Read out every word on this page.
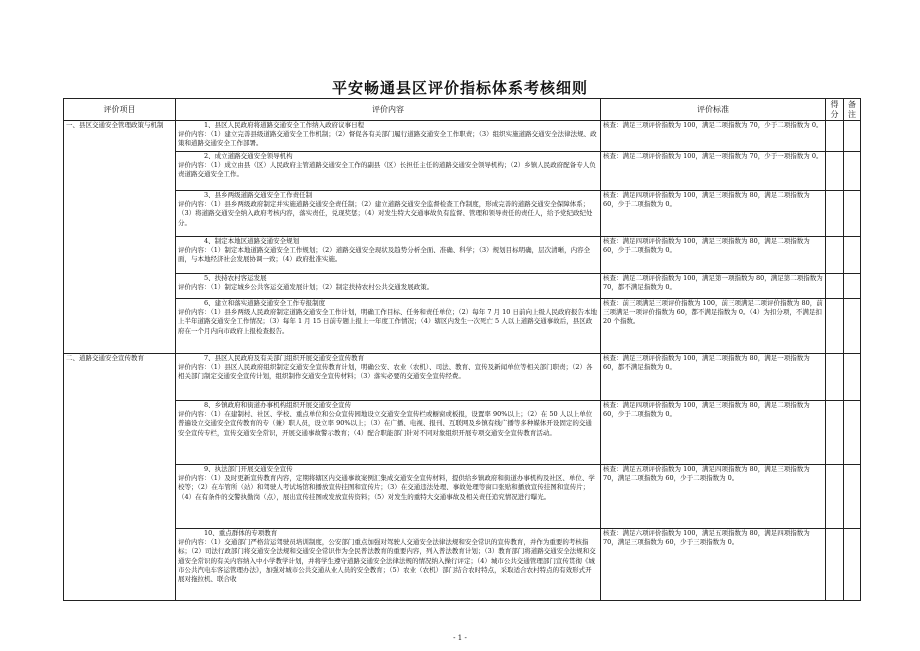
平安畅通县区评价指标体系考核细则
评价项目	评价内容	评价标准	得分	备注
一、县区交通安全管理政策与机制	1、县区人民政府将道路交通安全工作纳入政府议事日程
评价内容：（1）建立完善县级道路交通安全工作机制；（2）督促各有关部门履行道路交通安全工作职责；（3）组织实施道路交通安全法律法规、政策和道路交通安全工作部署。	核查：满足三项评价指数为 100，满足二项指数为 70，少于二项指数为 0。		

	2、成立道路交通安全领导机构
评价内容：（1）成立由县（区）人民政府主管道路交通安全工作的副县（区）长担任主任的道路交通安全领导机构；（2）乡镇人民政府配备专人负责道路交通安全工作。	核查：满足二项评价指数为 100，满足一项指数为 70，少于一项指数为 0。		

	3、县乡两级道路交通安全工作责任制
评价内容：（1）县乡两级政府制定并实施道路交通安全责任制；（2）建立道路交通安全监督检查工作制度，形成完善的道路交通安全保障体系；（3）将道路交通安全纳入政府考核内容，落实责任，兑现奖惩；（4）对发生特大交通事故负有监督、管理和领导责任的责任人，给予党纪政纪处分。	核查：满足四项评价指数为 100，满足三项指数为 80，满足二项指数为 60，少于二项指数为 0。		

	4、制定本地区道路交通安全规划
评价内容：（1）制定本地道路交通安全工作规划；（2）道路交通安全现状及趋势分析全面、准确、科学；（3）规划目标明确，层次清晰，内容全面，与本地经济社会发展协调一致；（4）政府批准实施。	核查：满足四项评价指数为 100，满足三项指数为 80，满足二项指数为 60，少于二项指数为 0。		

	5、扶持农村客运发展
评价内容：（1）制定城乡公共客运交通发展计划；（2）制定扶持农村公共交通发展政策。	核查：满足二项评价指数为 100，满足第一项指数为 80，满足第二项指数为 70，都不满足指数为 0。		

	6、建立和落实道路交通安全工作专报制度
评价内容：（1）县乡两级人民政府制定道路交通安全工作计划，明确工作目标、任务和责任单位；（2）每年 7 月 10 日前向上级人民政府报告本地上半年道路交通安全工作情况；（3）每年 1 月 15 日前专题上报上一年度工作情况；（4）辖区内发生一次死亡 5 人以上道路交通事故后，县区政府在一个月内向市政府上报检查报告。	核查：前三项满足三项评价指数为 100，前三项满足二项评价指数为 80，前三项满足一项评价指数为 60，都不满足指数为 0。（4）为扣分项，不满足扣 20 个指数。		
二、道路交通安全宣传教育	7、县区人民政府及有关部门组织开展交通安全宣传教育
评价内容：（1）县区人民政府组织制定交通安全宣传教育计划，明确公安、农业（农机）、司法、教育、宣传及新闻单位等相关部门职责；（2）各相关部门制定交通安全宣传计划，组织制作交通安全宣传材料；（3）落实必要的交通安全宣传经费。	核查：满足三项评价指数为 100，满足二项指数为 80，满足一项指数为 60，都不满足指数为 0。		

	8、乡镇政府和街道办事机构组织开展交通安全宣传
评价内容：（1）在建制村、社区、学校、重点单位和公众宣传园地设立交通安全宣传栏或橱窗或板报，设置率 90%以上；（2）在 50 人以上单位普遍设立交通安全宣传教育的专（兼）职人员，设立率 90%以上；（3）在广播、电视、报刊、互联网及乡镇有线广播等多种媒体开设固定的交通安全宣传专栏，宣传交通安全常识，开展交通事故警示教育；（4）配合职能部门针对不同对象组织开展专项交通安全宣传教育活动。	核查：满足四项评价指数为 100，满足三项指数为 80，满足二项指数为 60，少于二项指数为 0。		

	9、执法部门开展交通安全宣传
评价内容：（1）及时更新宣传教育内容，定期将辖区内交通事故案例汇集成交通安全宣传材料，提供给乡镇政府和街道办事机构及社区、单位、学校等；（2）在车管所（站）和驾驶人考试场馆和播放宣传挂图和宣传片；（3）在交通违法处理、事故处理等窗口张贴和播放宣传挂图和宣传片；（4）在有条件的交警执勤岗（点），展出宣传挂图或发放宣传资料；（5）对发生的重特大交通事故及相关责任追究情况进行曝光。	核查：满足五项评价指数为 100，满足四项指数为 80，满足三项指数为 70，满足二项指数为 60，少于二项指数为 0。		

	10、重点群体的专项教育
评价内容：（1）交通部门严格营运驾驶员培训制度，公安部门重点加强对驾驶人交通安全法律法规和安全常识的宣传教育，并作为重要的考核指标；（2）司法行政部门将交通安全法规和交通安全常识作为全民普法教育的重要内容，列入普法教育计划；（3）教育部门将道路交通安全法规和交通安全常识的有关内容纳入中小学教学计划，并将学生遵守道路交通安全法律法规的情况纳入操行评定；（4）城市公共交通管理部门宣传贯彻《城市公共汽电车客运管理办法》，加强对城市公共交通从业人员的安全教育；（5）农业（农机）部门结合农时特点，采取适合农村特点的有效形式开展对拖拉机、联合收	核查：满足六项评价指数为 100，满足五项指数为 80，满足四项指数为 70，满足三项指数为 60，少于三项指数为 0。		
- 1 -
